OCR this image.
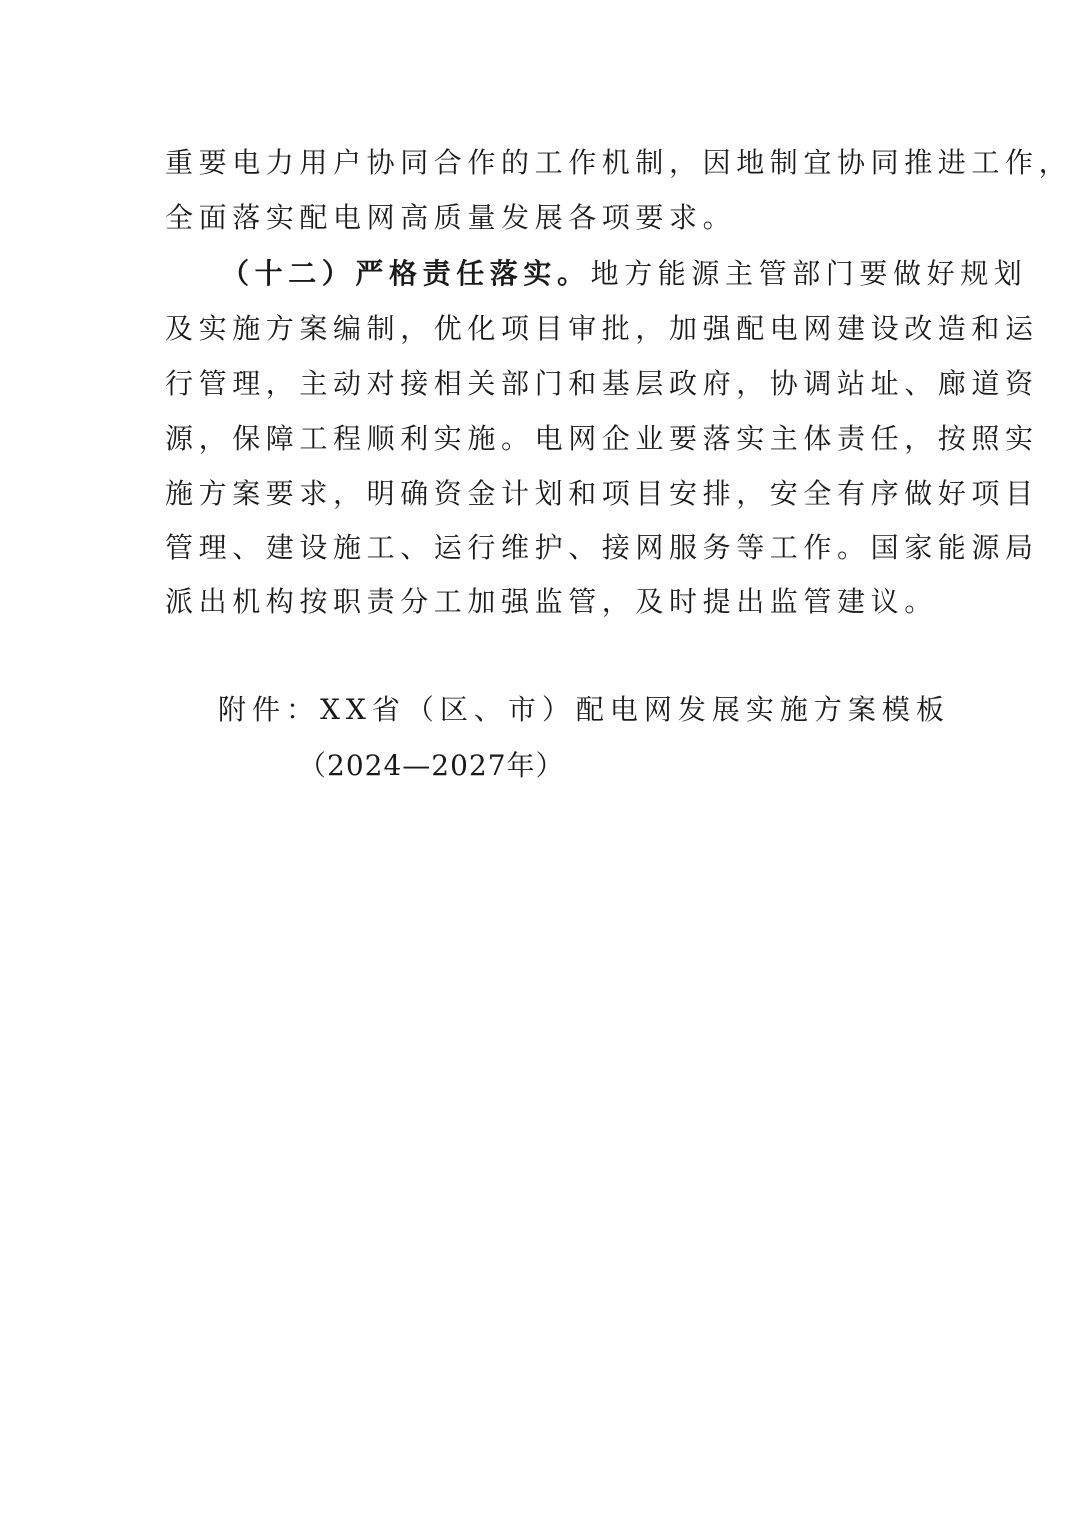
重要电力用户协同合作的工作机制，因地制宜协同推进工作，
全面落实配电网高质量发展各项要求。
（十二）严格责任落实。地方能源主管部门要做好规划
及实施方案编制，优化项目审批，加强配电网建设改造和运
行管理，主动对接相关部门和基层政府，协调站址、廊道资
源，保障工程顺利实施。电网企业要落实主体责任，按照实
施方案要求，明确资金计划和项目安排，安全有序做好项目
管理、建设施工、运行维护、接网服务等工作。国家能源局
派出机构按职责分工加强监管，及时提出监管建议。
附件：XX省（区、市）配电网发展实施方案模板
（2024—2027年）
